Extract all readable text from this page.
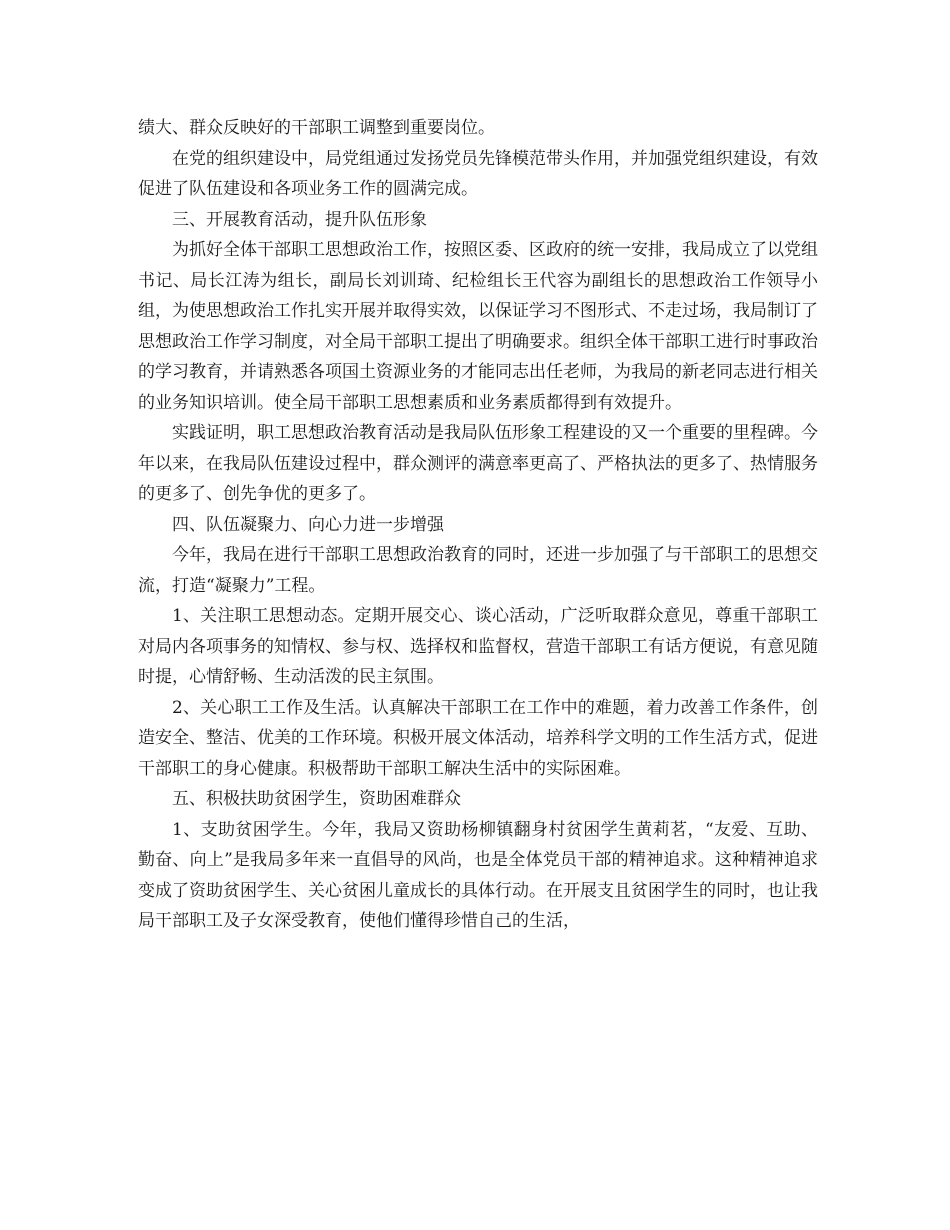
绩大、群众反映好的干部职工调整到重要岗位。

在党的组织建设中，局党组通过发扬党员先锋模范带头作用，并加强党组织建设，有效促进了队伍建设和各项业务工作的圆满完成。

三、开展教育活动，提升队伍形象

为抓好全体干部职工思想政治工作，按照区委、区政府的统一安排，我局成立了以党组书记、局长江涛为组长，副局长刘训琦、纪检组长王代容为副组长的思想政治工作领导小组，为使思想政治工作扎实开展并取得实效，以保证学习不图形式、不走过场，我局制订了思想政治工作学习制度，对全局干部职工提出了明确要求。组织全体干部职工进行时事政治的学习教育，并请熟悉各项国土资源业务的才能同志出任老师，为我局的新老同志进行相关的业务知识培训。使全局干部职工思想素质和业务素质都得到有效提升。

实践证明，职工思想政治教育活动是我局队伍形象工程建设的又一个重要的里程碑。今年以来，在我局队伍建设过程中，群众测评的满意率更高了、严格执法的更多了、热情服务的更多了、创先争优的更多了。

四、队伍凝聚力、向心力进一步增强

今年，我局在进行干部职工思想政治教育的同时，还进一步加强了与干部职工的思想交流，打造“凝聚力”工程。

1、关注职工思想动态。定期开展交心、谈心活动，广泛听取群众意见，尊重干部职工对局内各项事务的知情权、参与权、选择权和监督权，营造干部职工有话方便说，有意见随时提，心情舒畅、生动活泼的民主氛围。

2、关心职工工作及生活。认真解决干部职工在工作中的难题，着力改善工作条件，创造安全、整洁、优美的工作环境。积极开展文体活动，培养科学文明的工作生活方式，促进干部职工的身心健康。积极帮助干部职工解决生活中的实际困难。

五、积极扶助贫困学生，资助困难群众

1、支助贫困学生。今年，我局又资助杨柳镇翻身村贫困学生黄莉茗，“友爱、互助、勤奋、向上”是我局多年来一直倡导的风尚，也是全体党员干部的精神追求。这种精神追求变成了资助贫困学生、关心贫困儿童成长的具体行动。在开展支且贫困学生的同时，也让我局干部职工及子女深受教育，使他们懂得珍惜自己的生活，
